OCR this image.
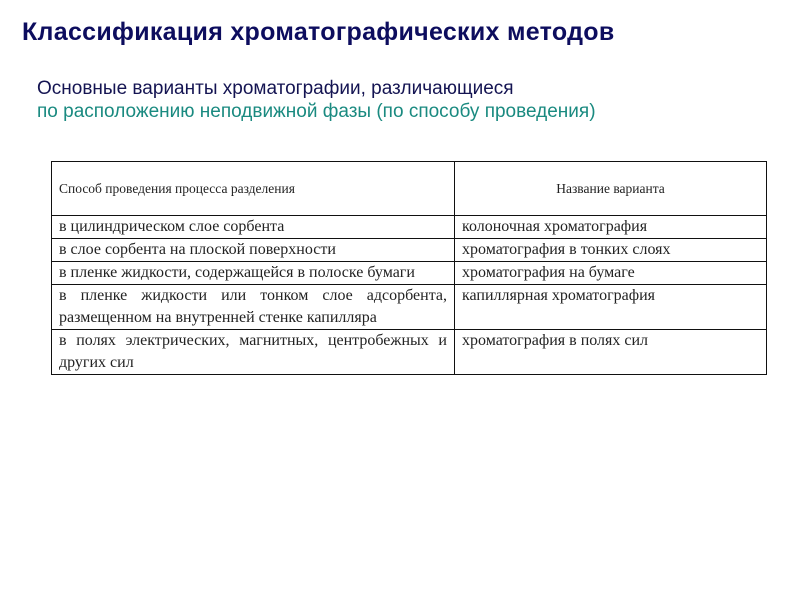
Классификация хроматографических методов
Основные варианты хроматографии, различающиеся
по расположению неподвижной фазы (по способу проведения)
Способ проведения процесса разделения	Название варианта
в цилиндрическом слое сорбента	колоночная хроматография
в слое сорбента на плоской поверхности	хроматография в тонких слоях
в пленке жидкости, содержащейся в полоске бумаги	хроматография на бумаге
в пленке жидкости или тонком слое адсорбента, размещенном на внутренней стенке капилляра	капиллярная хроматография
в полях электрических, магнитных, центробежных и других сил	хроматография в полях сил
